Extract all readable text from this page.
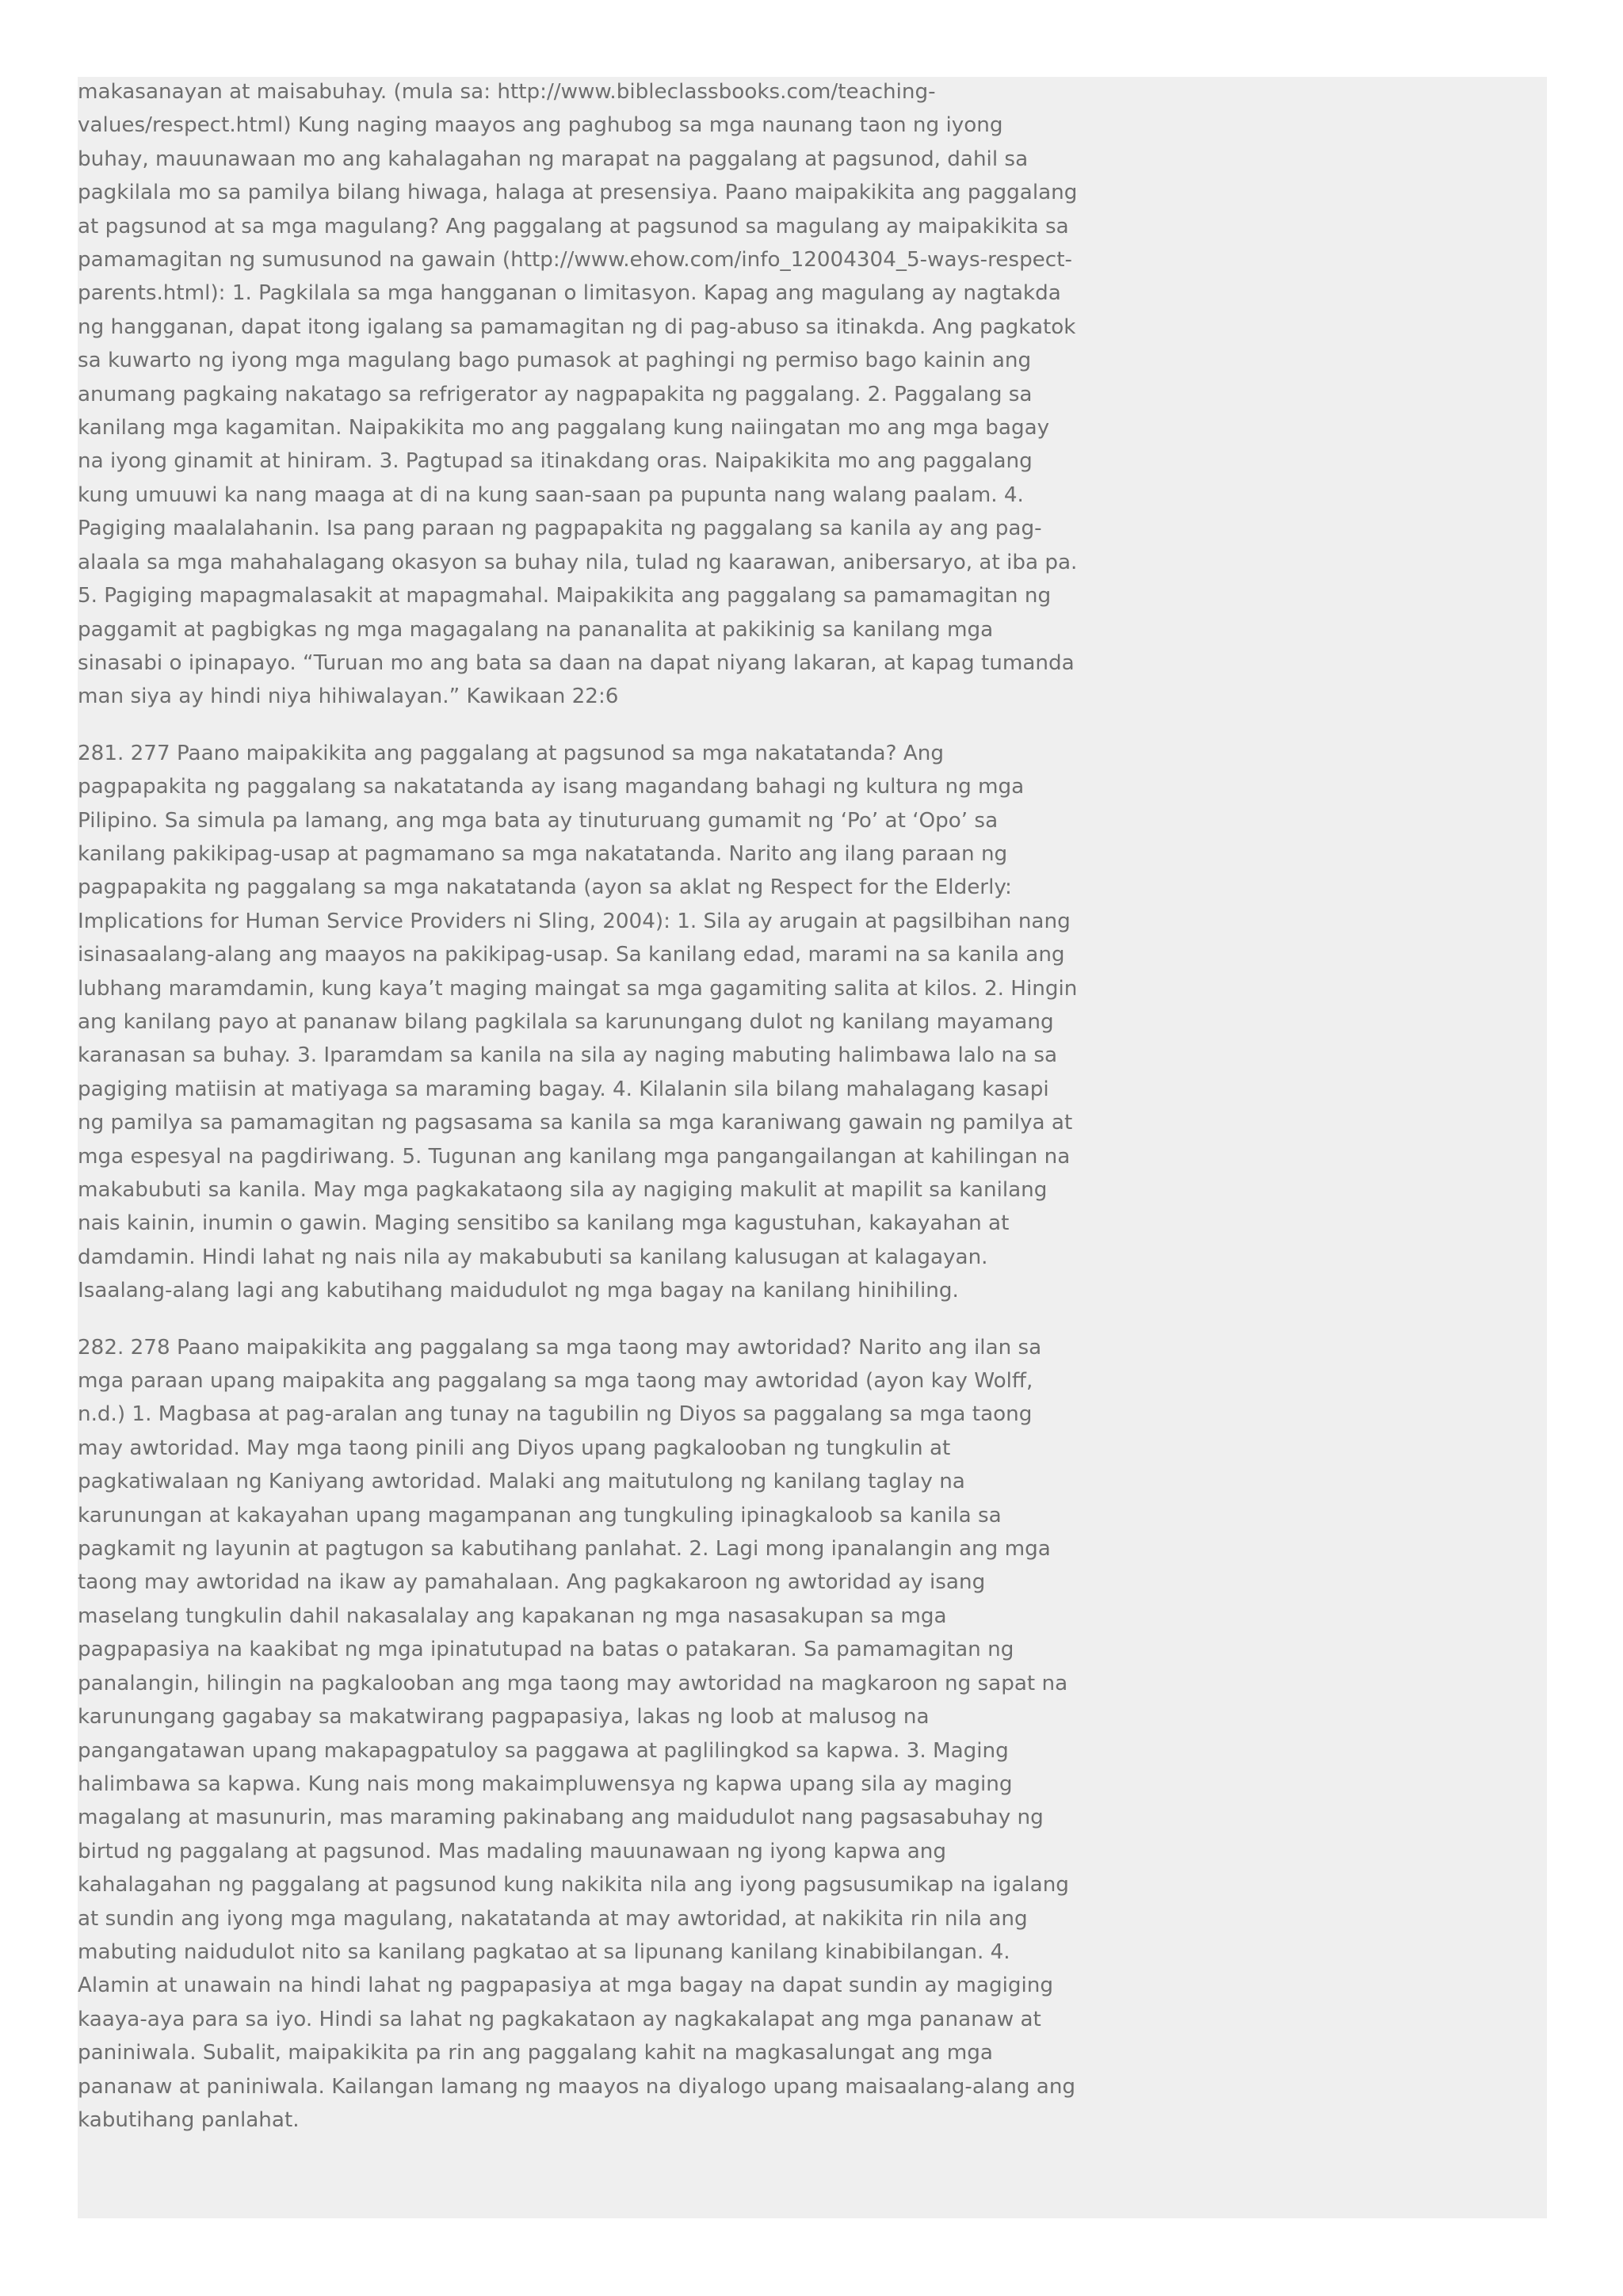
makasanayan at maisabuhay. (mula sa: http://www.bibleclassbooks.com/teaching-values/respect.html) Kung naging maayos ang paghubog sa mga naunang taon ng iyong buhay, mauunawaan mo ang kahalagahan ng marapat na paggalang at pagsunod, dahil sa pagkilala mo sa pamilya bilang hiwaga, halaga at presensiya. Paano maipakikita ang paggalang at pagsunod at sa mga magulang? Ang paggalang at pagsunod sa magulang ay maipakikita sa pamamagitan ng sumusunod na gawain (http://www.ehow.com/info_12004304_5-ways-respect- parents.html): 1. Pagkilala sa mga hangganan o limitasyon. Kapag ang magulang ay nagtakda ng hangganan, dapat itong igalang sa pamamagitan ng di pag-abuso sa itinakda. Ang pagkatok sa kuwarto ng iyong mga magulang bago pumasok at paghingi ng permiso bago kainin ang anumang pagkaing nakatago sa refrigerator ay nagpapakita ng paggalang. 2. Paggalang sa kanilang mga kagamitan. Naipakikita mo ang paggalang kung naiingatan mo ang mga bagay na iyong ginamit at hiniram. 3. Pagtupad sa itinakdang oras. Naipakikita mo ang paggalang kung umuuwi ka nang maaga at di na kung saan-saan pa pupunta nang walang paalam. 4. Pagiging maalalahanin. Isa pang paraan ng pagpapakita ng paggalang sa kanila ay ang pag-alaala sa mga mahahalagang okasyon sa buhay nila, tulad ng kaarawan, anibersaryo, at iba pa. 5. Pagiging mapagmalasakit at mapagmahal. Maipakikita ang paggalang sa pamamagitan ng paggamit at pagbigkas ng mga magagalang na pananalita at pakikinig sa kanilang mga sinasabi o ipinapayo. “Turuan mo ang bata sa daan na dapat niyang lakaran, at kapag tumanda man siya ay hindi niya hihiwalayan.” Kawikaan 22:6

281. 277 Paano maipakikita ang paggalang at pagsunod sa mga nakatatanda? Ang pagpapakita ng paggalang sa nakatatanda ay isang magandang bahagi ng kultura ng mga Pilipino. Sa simula pa lamang, ang mga bata ay tinuturuang gumamit ng ‘Po’ at ‘Opo’ sa kanilang pakikipag-usap at pagmamano sa mga nakatatanda. Narito ang ilang paraan ng pagpapakita ng paggalang sa mga nakatatanda (ayon sa aklat ng Respect for the Elderly: Implications for Human Service Providers ni Sling, 2004): 1. Sila ay arugain at pagsilbihan nang isinasaalang-alang ang maayos na pakikipag-usap. Sa kanilang edad, marami na sa kanila ang lubhang maramdamin, kung kaya’t maging maingat sa mga gagamiting salita at kilos. 2. Hingin ang kanilang payo at pananaw bilang pagkilala sa karunungang dulot ng kanilang mayamang karanasan sa buhay. 3. Iparamdam sa kanila na sila ay naging mabuting halimbawa lalo na sa pagiging matiisin at matiyaga sa maraming bagay. 4. Kilalanin sila bilang mahalagang kasapi ng pamilya sa pamamagitan ng pagsasama sa kanila sa mga karaniwang gawain ng pamilya at mga espesyal na pagdiriwang. 5. Tugunan ang kanilang mga pangangailangan at kahilingan na makabubuti sa kanila. May mga pagkakataong sila ay nagiging makulit at mapilit sa kanilang nais kainin, inumin o gawin. Maging sensitibo sa kanilang mga kagustuhan, kakayahan at damdamin. Hindi lahat ng nais nila ay makabubuti sa kanilang kalusugan at kalagayan. Isaalang-alang lagi ang kabutihang maidudulot ng mga bagay na kanilang hinihiling.

282. 278 Paano maipakikita ang paggalang sa mga taong may awtoridad? Narito ang ilan sa mga paraan upang maipakita ang paggalang sa mga taong may awtoridad (ayon kay Wolff, n.d.) 1. Magbasa at pag-aralan ang tunay na tagubilin ng Diyos sa paggalang sa mga taong may awtoridad. May mga taong pinili ang Diyos upang pagkalooban ng tungkulin at pagkatiwalaan ng Kaniyang awtoridad. Malaki ang maitutulong ng kanilang taglay na karunungan at kakayahan upang magampanan ang tungkuling ipinagkaloob sa kanila sa pagkamit ng layunin at pagtugon sa kabutihang panlahat. 2. Lagi mong ipanalangin ang mga taong may awtoridad na ikaw ay pamahalaan. Ang pagkakaroon ng awtoridad ay isang maselang tungkulin dahil nakasalalay ang kapakanan ng mga nasasakupan sa mga pagpapasiya na kaakibat ng mga ipinatutupad na batas o patakaran. Sa pamamagitan ng panalangin, hilingin na pagkalooban ang mga taong may awtoridad na magkaroon ng sapat na karunungang gagabay sa makatwirang pagpapasiya, lakas ng loob at malusog na pangangatawan upang makapagpatuloy sa paggawa at paglilingkod sa kapwa. 3. Maging halimbawa sa kapwa. Kung nais mong makaimpluwensya ng kapwa upang sila ay maging magalang at masunurin, mas maraming pakinabang ang maidudulot nang pagsasabuhay ng birtud ng paggalang at pagsunod. Mas madaling mauunawaan ng iyong kapwa ang kahalagahan ng paggalang at pagsunod kung nakikita nila ang iyong pagsusumikap na igalang at sundin ang iyong mga magulang, nakatatanda at may awtoridad, at nakikita rin nila ang mabuting naidudulot nito sa kanilang pagkatao at sa lipunang kanilang kinabibilangan. 4. Alamin at unawain na hindi lahat ng pagpapasiya at mga bagay na dapat sundin ay magiging kaaya-aya para sa iyo. Hindi sa lahat ng pagkakataon ay nagkakalapat ang mga pananaw at paniniwala. Subalit, maipakikita pa rin ang paggalang kahit na magkasalungat ang mga pananaw at paniniwala. Kailangan lamang ng maayos na diyalogo upang maisaalang-alang ang kabutihang panlahat.
